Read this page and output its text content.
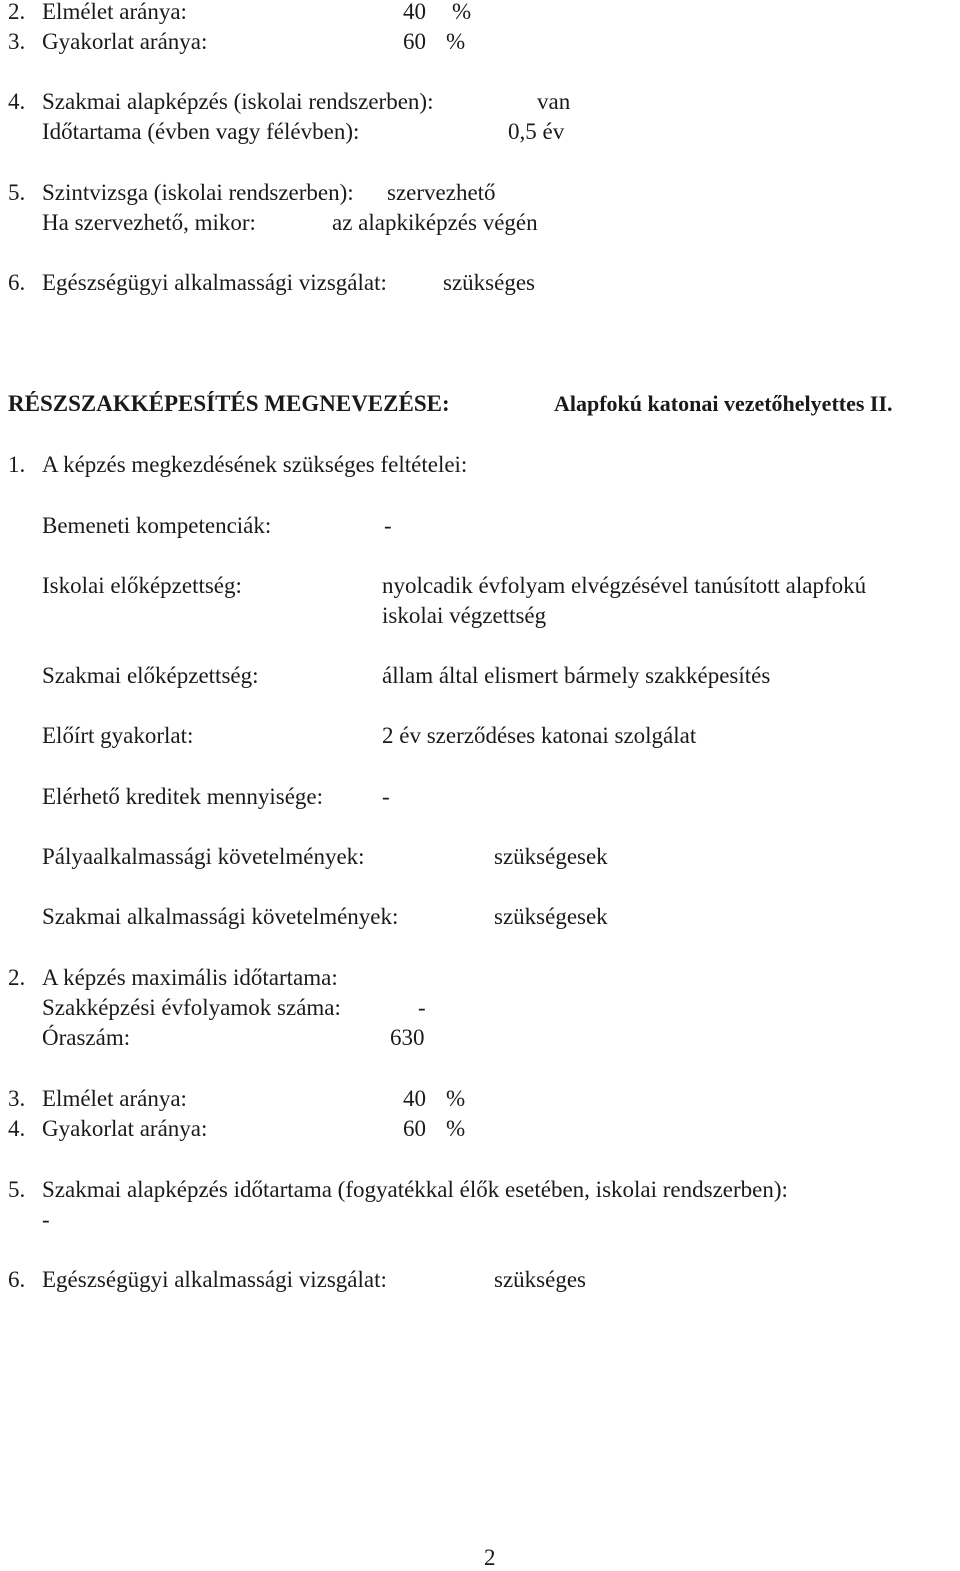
2. Elmélet aránya:	40 %
3. Gyakorlat aránya:	60 %
4. Szakmai alapképzés (iskolai rendszerben):	van
Időtartama (évben vagy félévben):	0,5 év
5. Szintvizsga (iskolai rendszerben): szervezhető
Ha szervezhető, mikor:	az alapkiképzés végén
6. Egészségügyi alkalmassági vizsgálat: szükséges
RÉSZSZAKKÉPESÍTÉS MEGNEVEZÉSE:	Alapfokú katonai vezetőhelyettes II.
1. A képzés megkezdésének szükséges feltételei:
Bemeneti kompetenciák:	-
Iskolai előképzettség:	nyolcadik évfolyam elvégzésével tanúsított alapfokú
iskolai végzettség
Szakmai előképzettség:	állam által elismert bármely szakképesítés
Előírt gyakorlat:	2 év szerződéses katonai szolgálat
Elérhető kreditek mennyisége:	-
Pályaalkalmassági követelmények:	szükségesek
Szakmai alkalmassági követelmények:	szükségesek
2. A képzés maximális időtartama:
Szakképzési évfolyamok száma:	-
Óraszám:	630
3. Elmélet aránya:	40 %
4. Gyakorlat aránya:	60 %
5. Szakmai alapképzés időtartama (fogyatékkal élők esetében, iskolai rendszerben):
-
6. Egészségügyi alkalmassági vizsgálat:	szükséges
2
